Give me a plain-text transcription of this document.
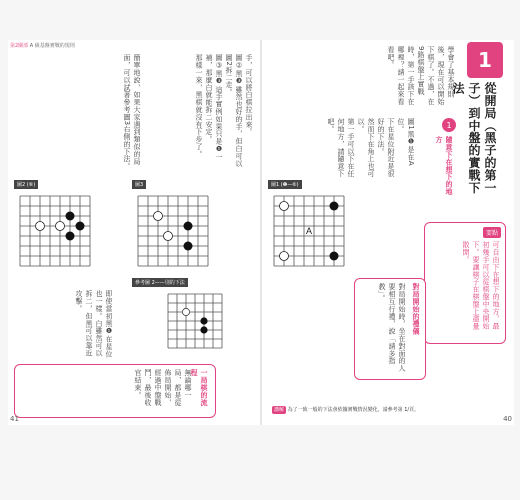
第2關部 A 級基盤實戰的規則
手，可以將白棋拉出來。
圖②黑❸雖然也好的手，但白可以圖2拆二走。
圖③黑❸這手實例如果只是❶一補，那麼白就能拆二安定。
那樣一來，黑棋就沒有下步了。
簡單地說，如果大家遇到類似的局面，可以試著參考圖3右側的下法。
圖2 (⑥)	圖3
參考圖 2——別的下法
即使當初黑❶在星位也一樣。白雖然可以拆二，但黑可以靠近攻擊。
一局棋的流程
無論哪一局，都是從佈局開始，經過中盤戰鬥，最後收官結束。
41
1
從開局（黑子的第一子）到中盤的實戰下法
學會了基本規則後，現在可以開始下棋了。不過，在9路棋盤上實戰時，第一手該下在哪裡？請一起來看看吧。
1
隨意下在想下的地方
圖1黑❶是在A位。
下在星位附近是很好的下法。
然而下在角上也可以。
第一手可以下在任何地方，請隨意下吧。
圖1 (❶—⑥)
A	要點
可自由下在想下的地方，最初幾手可以從棋盤中央開始下。要讓棋子在棋盤上盡量散開。
對局開始的禮儀
對局開始時，坐在對面的人要相互行禮，說「請多指教」。
講解 為了一致一般的下法會依據實戰情況變化，請參考第 1/頁。
40
